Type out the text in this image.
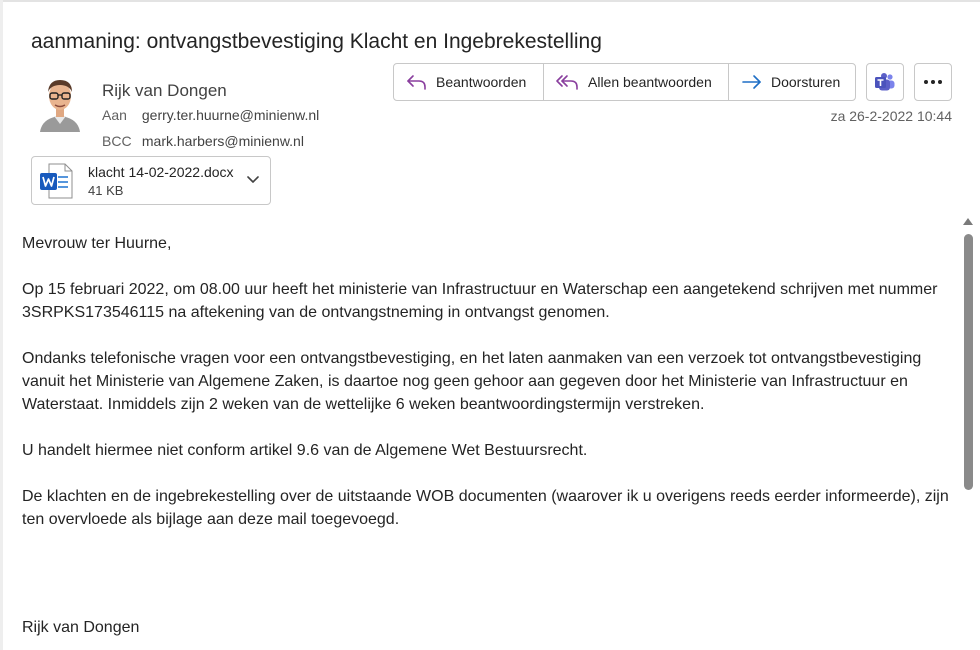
aanmaning: ontvangstbevestiging Klacht en Ingebrekestelling
Rijk van Dongen
Aan gerry.ter.huurne@minienw.nl
BCC mark.harbers@minienw.nl
Beantwoorden	Allen beantwoorden	Doorsturen
za 26-2-2022 10:44
klacht 14-02-2022.docx
41 KB

Mevrouw ter Huurne,

Op 15 februari 2022, om 08.00 uur heeft het ministerie van Infrastructuur en Waterschap een aangetekend schrijven met nummer 3SRPKS173546115 na aftekening van de ontvangstneming in ontvangst genomen.

Ondanks telefonische vragen voor een ontvangstbevestiging, en het laten aanmaken van een verzoek tot ontvangstbevestiging vanuit het Ministerie van Algemene Zaken, is daartoe nog geen gehoor aan gegeven door het Ministerie van Infrastructuur en Waterstaat. Inmiddels zijn 2 weken van de wettelijke 6 weken beantwoordingstermijn verstreken.

U handelt hiermee niet conform artikel 9.6 van de Algemene Wet Bestuursrecht.

De klachten en de ingebrekestelling over de uitstaande WOB documenten (waarover ik u overigens reeds eerder informeerde), zijn ten overvloede als bijlage aan deze mail toegevoegd.

Rijk van Dongen
